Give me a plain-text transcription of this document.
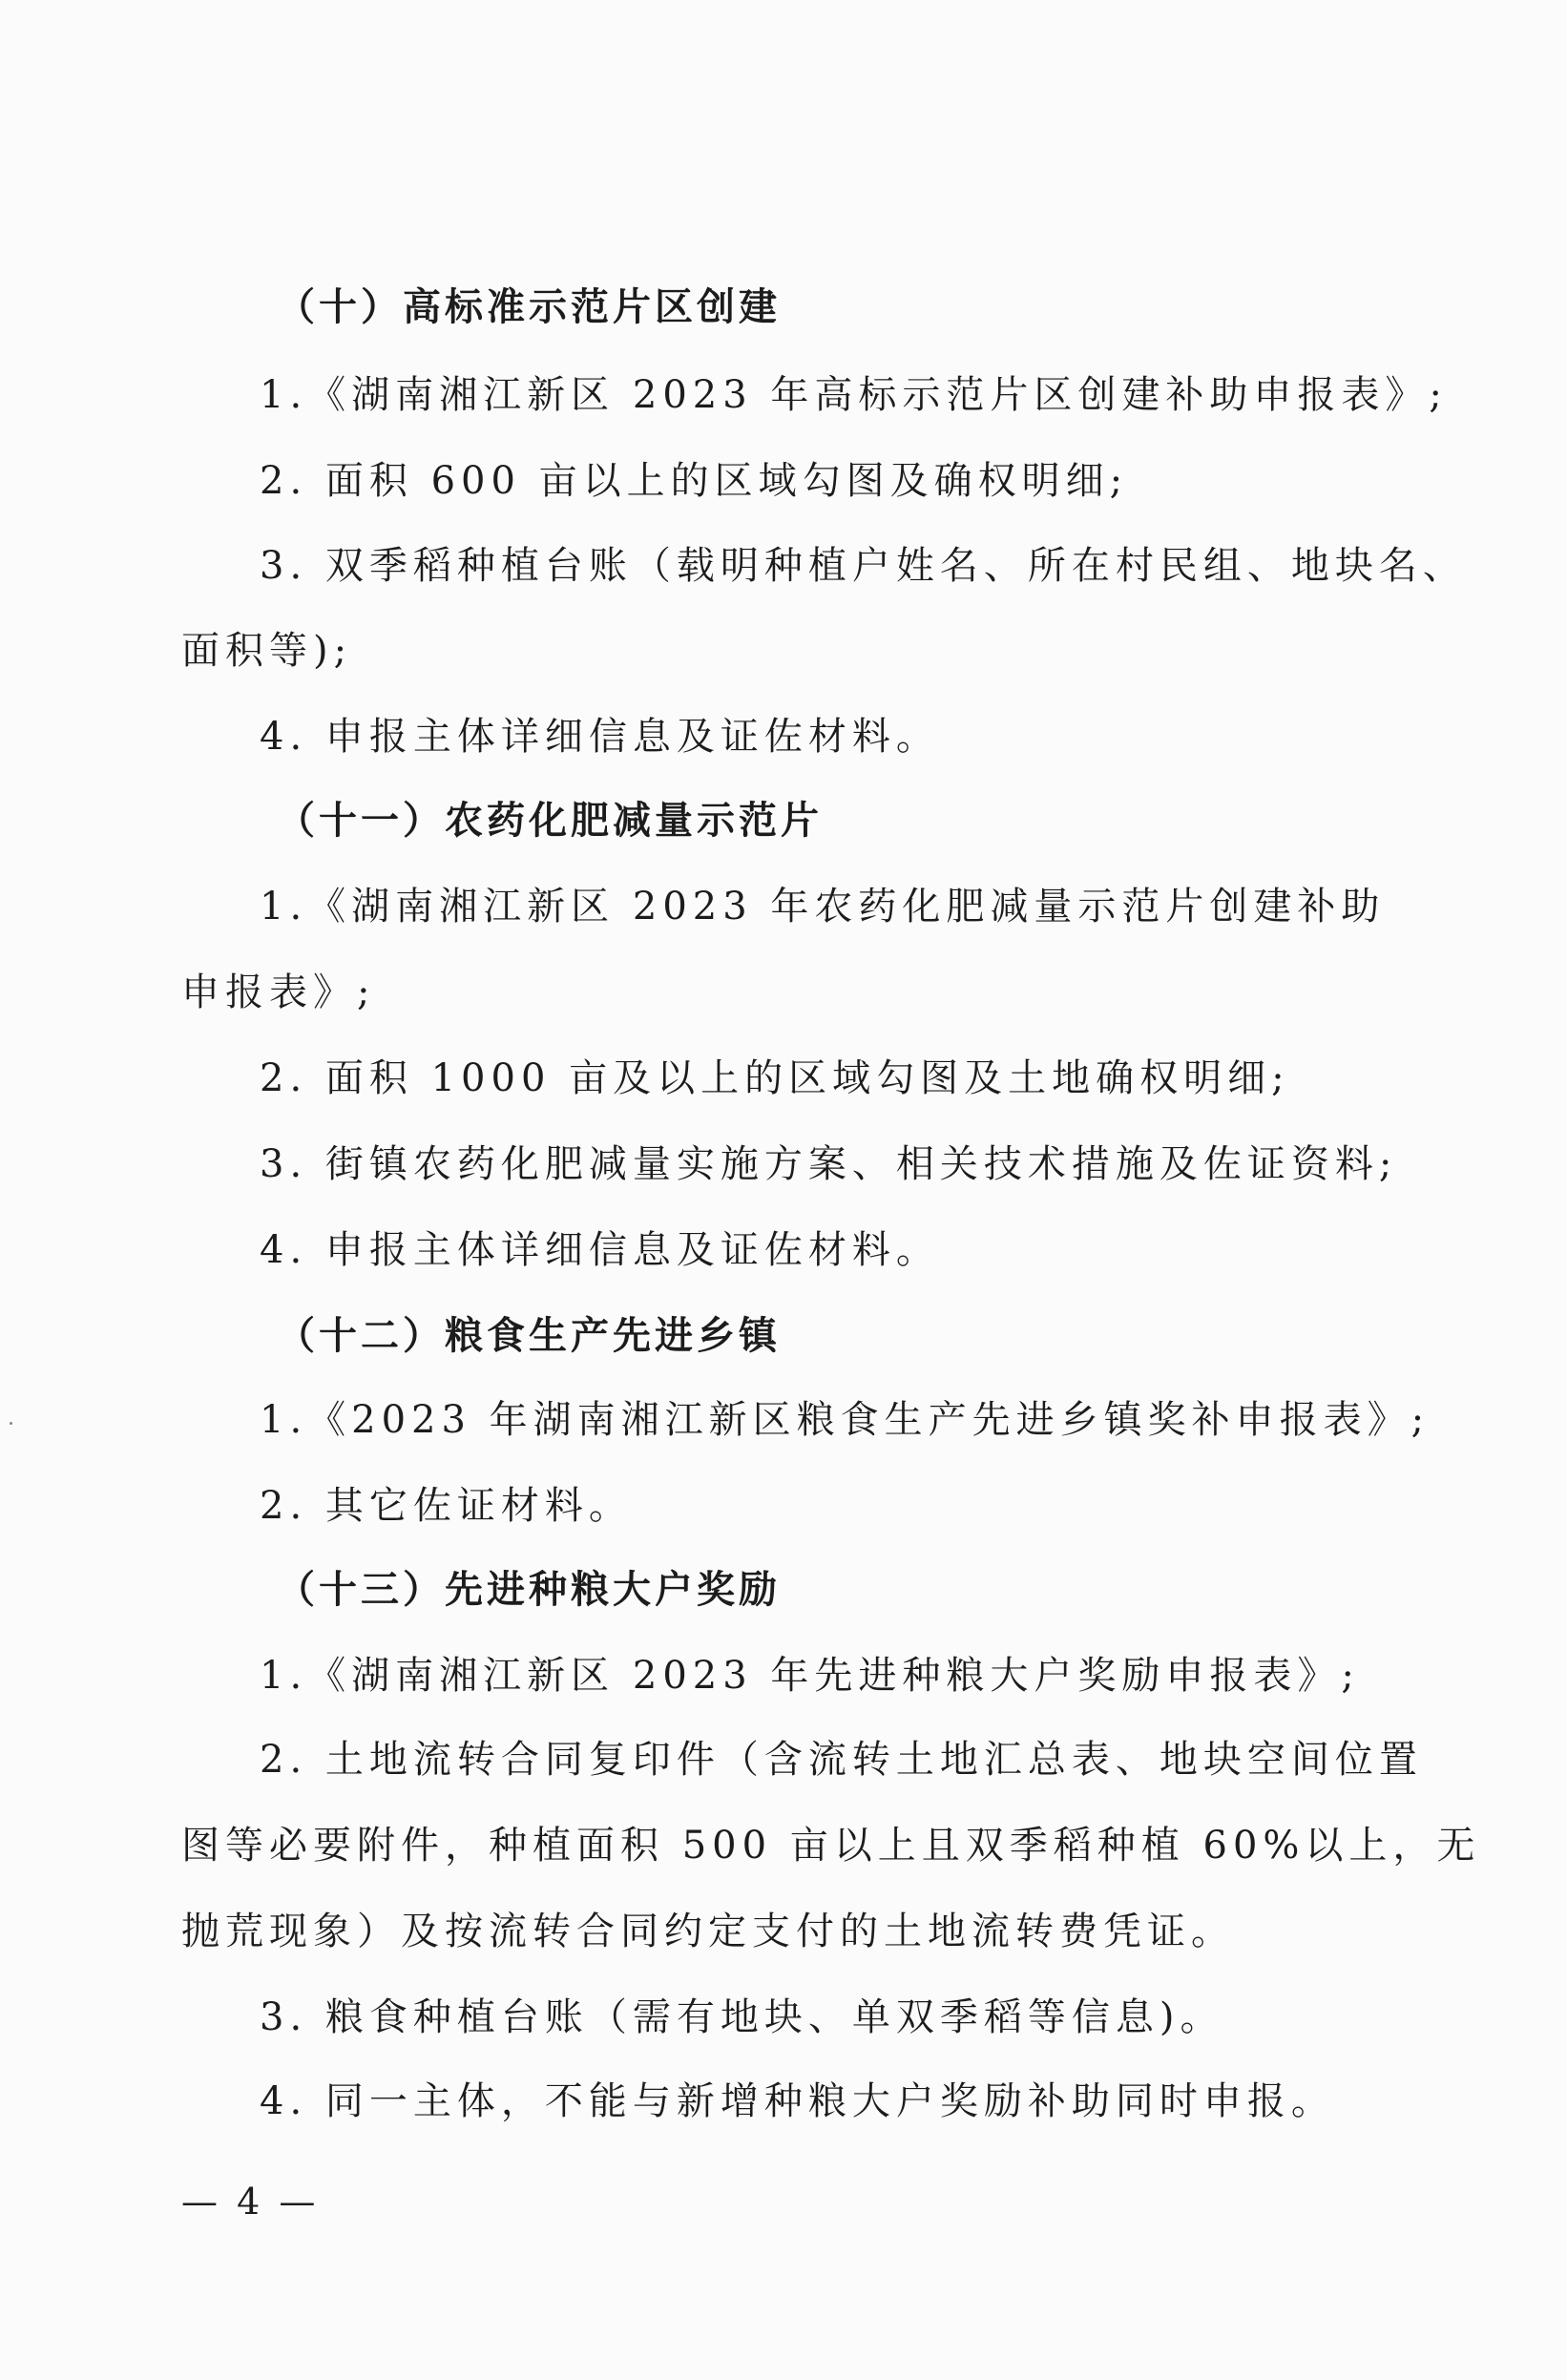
（十）高标准示范片区创建
1.《湖南湘江新区 2023 年高标示范片区创建补助申报表》;
2. 面积 600 亩以上的区域勾图及确权明细;
3. 双季稻种植台账（载明种植户姓名、所在村民组、地块名、
面积等);
4. 申报主体详细信息及证佐材料。
（十一）农药化肥减量示范片
1.《湖南湘江新区 2023 年农药化肥减量示范片创建补助
申报表》;
2. 面积 1000 亩及以上的区域勾图及土地确权明细;
3. 街镇农药化肥减量实施方案、相关技术措施及佐证资料;
4. 申报主体详细信息及证佐材料。
（十二）粮食生产先进乡镇
1.《2023 年湖南湘江新区粮食生产先进乡镇奖补申报表》;
2. 其它佐证材料。
（十三）先进种粮大户奖励
1.《湖南湘江新区 2023 年先进种粮大户奖励申报表》;
2. 土地流转合同复印件（含流转土地汇总表、地块空间位置
图等必要附件，种植面积 500 亩以上且双季稻种植 60%以上，无
抛荒现象）及按流转合同约定支付的土地流转费凭证。
3. 粮食种植台账（需有地块、单双季稻等信息)。
4. 同一主体，不能与新增种粮大户奖励补助同时申报。
— 4 —
